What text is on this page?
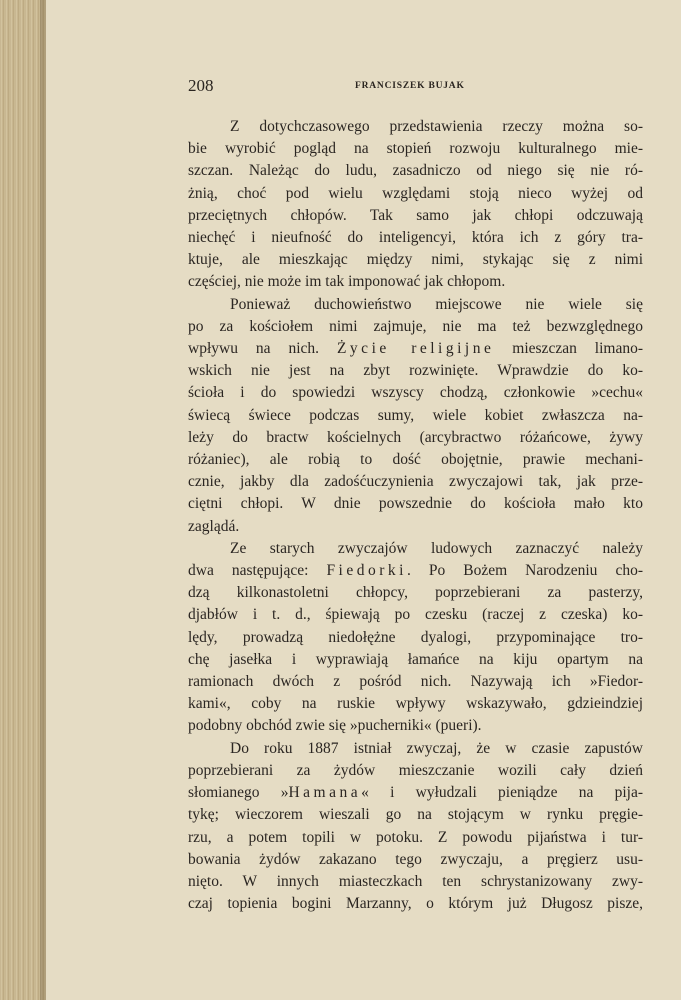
208	FRANCISZEK BUJAK

Z dotychczasowego przedstawienia rzeczy można so-

bie wyrobić pogląd na stopień rozwoju kulturalnego mie-

szczan. Należąc do ludu, zasadniczo od niego się nie ró-

żnią, choć pod wielu względami stoją nieco wyżej od

przeciętnych chłopów. Tak samo jak chłopi odczuwają

niechęć i nieufność do inteligencyi, która ich z góry tra-

ktuje, ale mieszkając między nimi, stykając się z nimi

częściej, nie może im tak imponować jak chłopom.

Ponieważ duchowieństwo miejscowe nie wiele się

po za kościołem nimi zajmuje, nie ma też bezwzględnego

wpływu na nich. Życie religijne mieszczan limano-

wskich nie jest na zbyt rozwinięte. Wprawdzie do ko-

ścioła i do spowiedzi wszyscy chodzą, członkowie »cechu«

świecą świece podczas sumy, wiele kobiet zwłaszcza na-

leży do bractw kościelnych (arcybractwo różańcowe, żywy

różaniec), ale robią to dość obojętnie, prawie mechani-

cznie, jakby dla zadośćuczynienia zwyczajowi tak, jak prze-

ciętni chłopi. W dnie powszednie do kościoła mało kto

zaglądá.

Ze starych zwyczajów ludowych zaznaczyć należy

dwa następujące: Fiedorki. Po Bożem Narodzeniu cho-

dzą kilkonastoletni chłopcy, poprzebierani za pasterzy,

djabłów i t. d., śpiewają po czesku (raczej z czeska) ko-

lędy, prowadzą niedołężne dyalogi, przypominające tro-

chę jasełka i wyprawiają łamańce na kiju opartym na

ramionach dwóch z pośród nich. Nazywają ich »Fiedor-

kami«, coby na ruskie wpływy wskazywało, gdzieindziej

podobny obchód zwie się »pucherniki« (pueri).

Do roku 1887 istniał zwyczaj, że w czasie zapustów

poprzebierani za żydów mieszczanie wozili cały dzień

słomianego »Hamana« i wyłudzali pieniądze na pija-

tykę; wieczorem wieszali go na stojącym w rynku pręgie-

rzu, a potem topili w potoku. Z powodu pijaństwa i tur-

bowania żydów zakazano tego zwyczaju, a pręgierz usu-

nięto. W innych miasteczkach ten schrystanizowany zwy-

czaj topienia bogini Marzanny, o którym już Długosz pisze,
